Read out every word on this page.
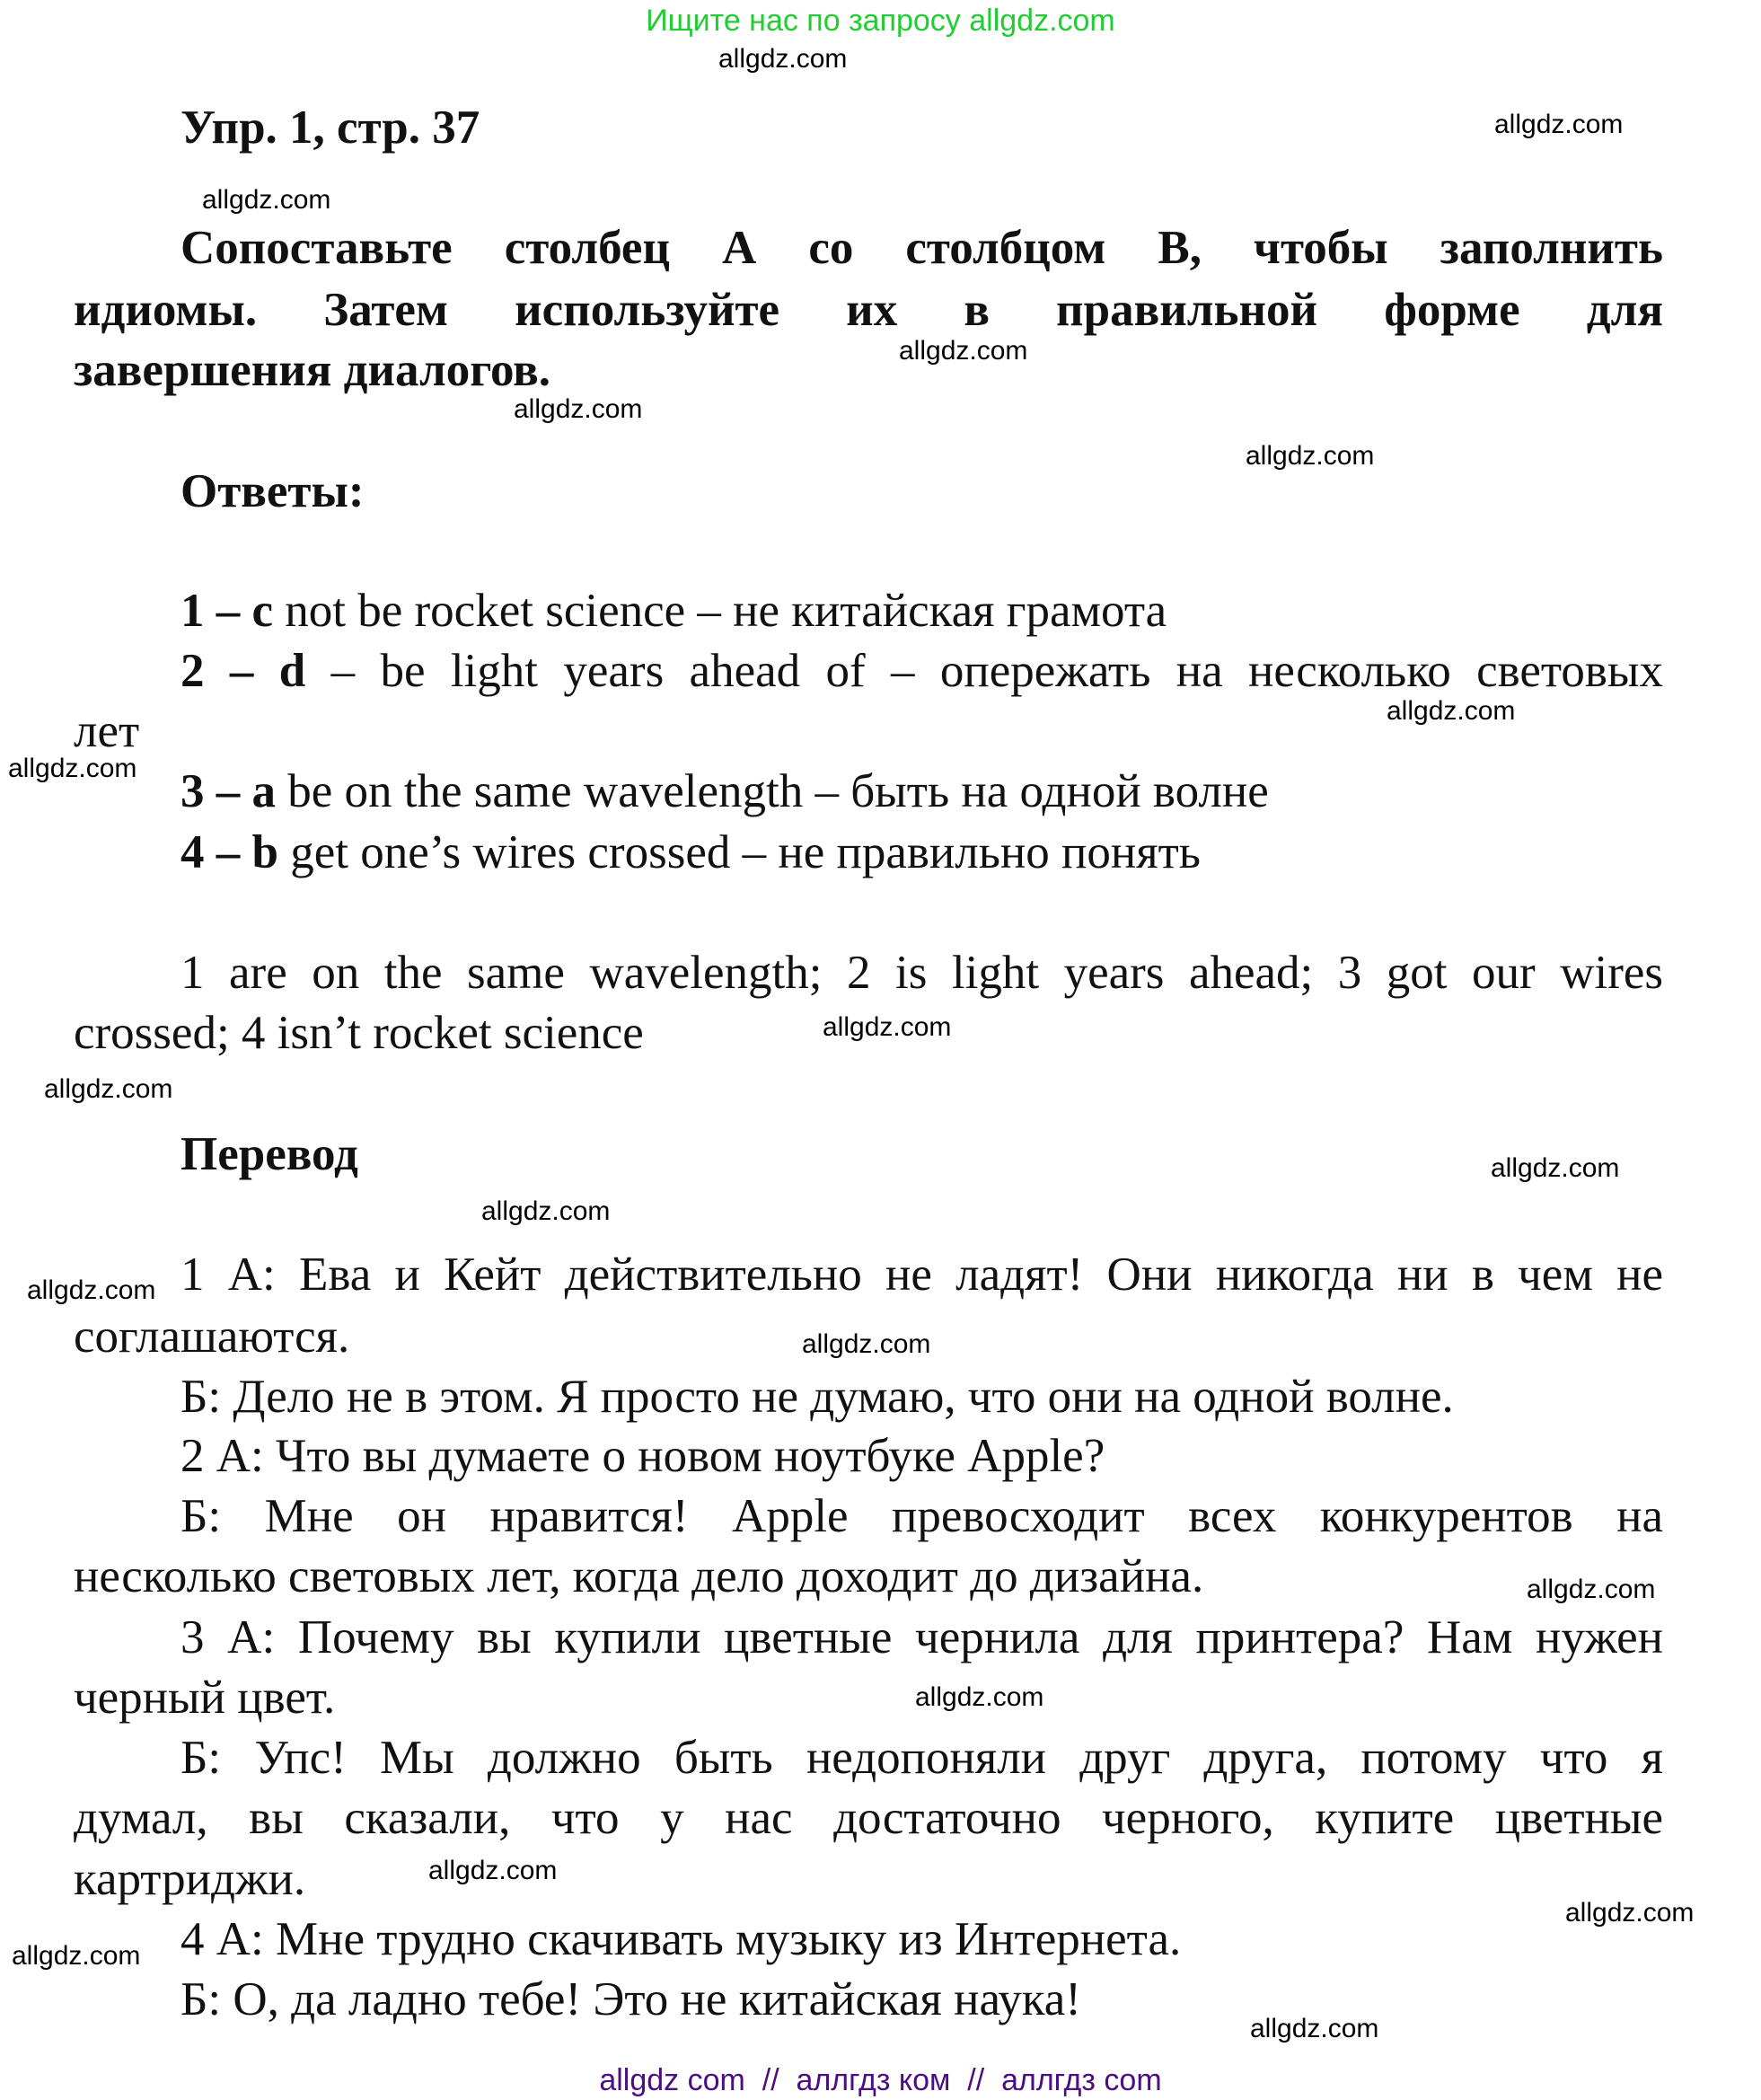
Ищите нас по запросу allgdz.com
Упр. 1, стр. 37
Сопоставьте столбец А со столбцом В, чтобы заполнить
идиомы. Затем используйте их в правильной форме для
завершения диалогов.
Ответы:
1 – c not be rocket science – не китайская грамота
2 – d – be light years ahead of – опережать на несколько световых
лет
3 – a be on the same wavelength – быть на одной волне
4 – b get one’s wires crossed – не правильно понять
1 are on the same wavelength; 2 is light years ahead; 3 got our wires
crossed; 4 isn’t rocket science
Перевод
1 А: Ева и Кейт действительно не ладят! Они никогда ни в чем не
соглашаются.
Б: Дело не в этом. Я просто не думаю, что они на одной волне.
2 А: Что вы думаете о новом ноутбуке Apple?
Б: Мне он нравится! Apple превосходит всех конкурентов на
несколько световых лет, когда дело доходит до дизайна.
3 А: Почему вы купили цветные чернила для принтера? Нам нужен
черный цвет.
Б: Упс! Мы должно быть недопоняли друг друга, потому что я
думал, вы сказали, что у нас достаточно черного, купите цветные
картриджи.
4 А: Мне трудно скачивать музыку из Интернета.
Б: О, да ладно тебе! Это не китайская наука!
allgdz.com
allgdz.com
allgdz.com
allgdz.com
allgdz.com
allgdz.com
allgdz.com
allgdz.com
allgdz.com
allgdz.com
allgdz.com
allgdz.com
allgdz.com
allgdz.com
allgdz.com
allgdz.com
allgdz.com
allgdz.com
allgdz.com
allgdz.com
allgdz com  //  аллгдз ком  //  аллгдз com
